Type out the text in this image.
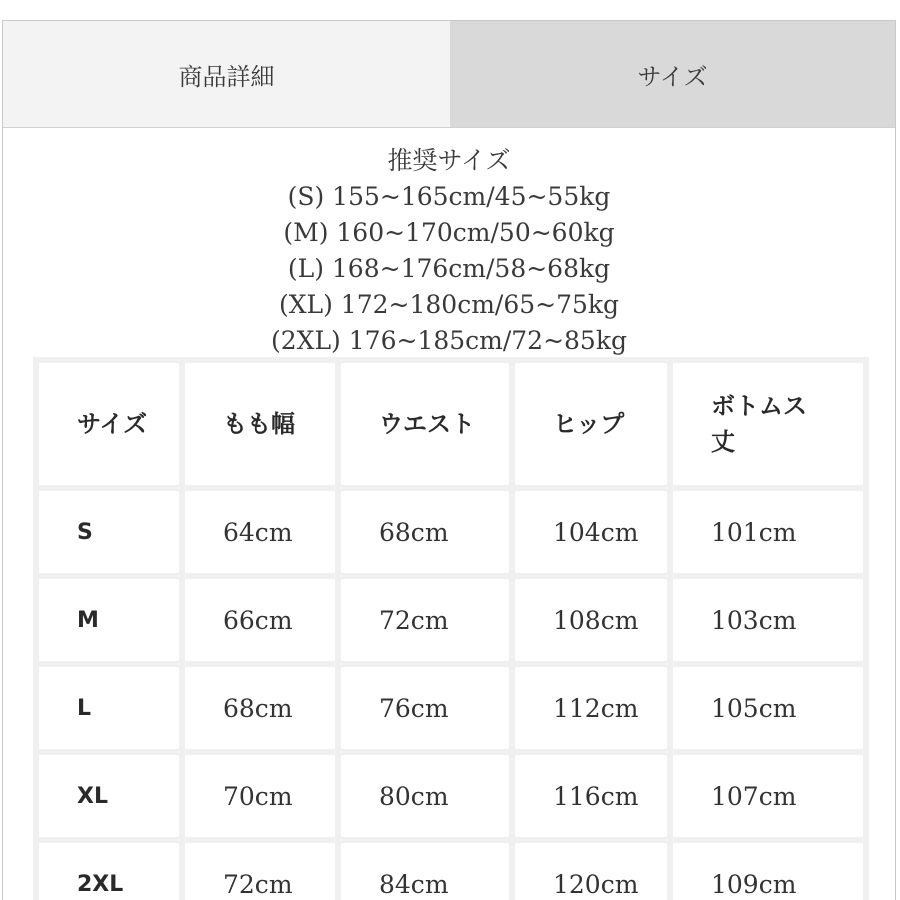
商品詳細	サイズ
推奨サイズ
(S) 155~165cm/45~55kg
(M) 160~170cm/50~60kg
(L) 168~176cm/58~68kg
(XL) 172~180cm/65~75kg
(2XL) 176~185cm/72~85kg
サイズ	もも幅	ウエスト	ヒップ	ボトムス丈

S	64cm	68cm	104cm	101cm
M	66cm	72cm	108cm	103cm
L	68cm	76cm	112cm	105cm
XL	70cm	80cm	116cm	107cm
2XL	72cm	84cm	120cm	109cm
